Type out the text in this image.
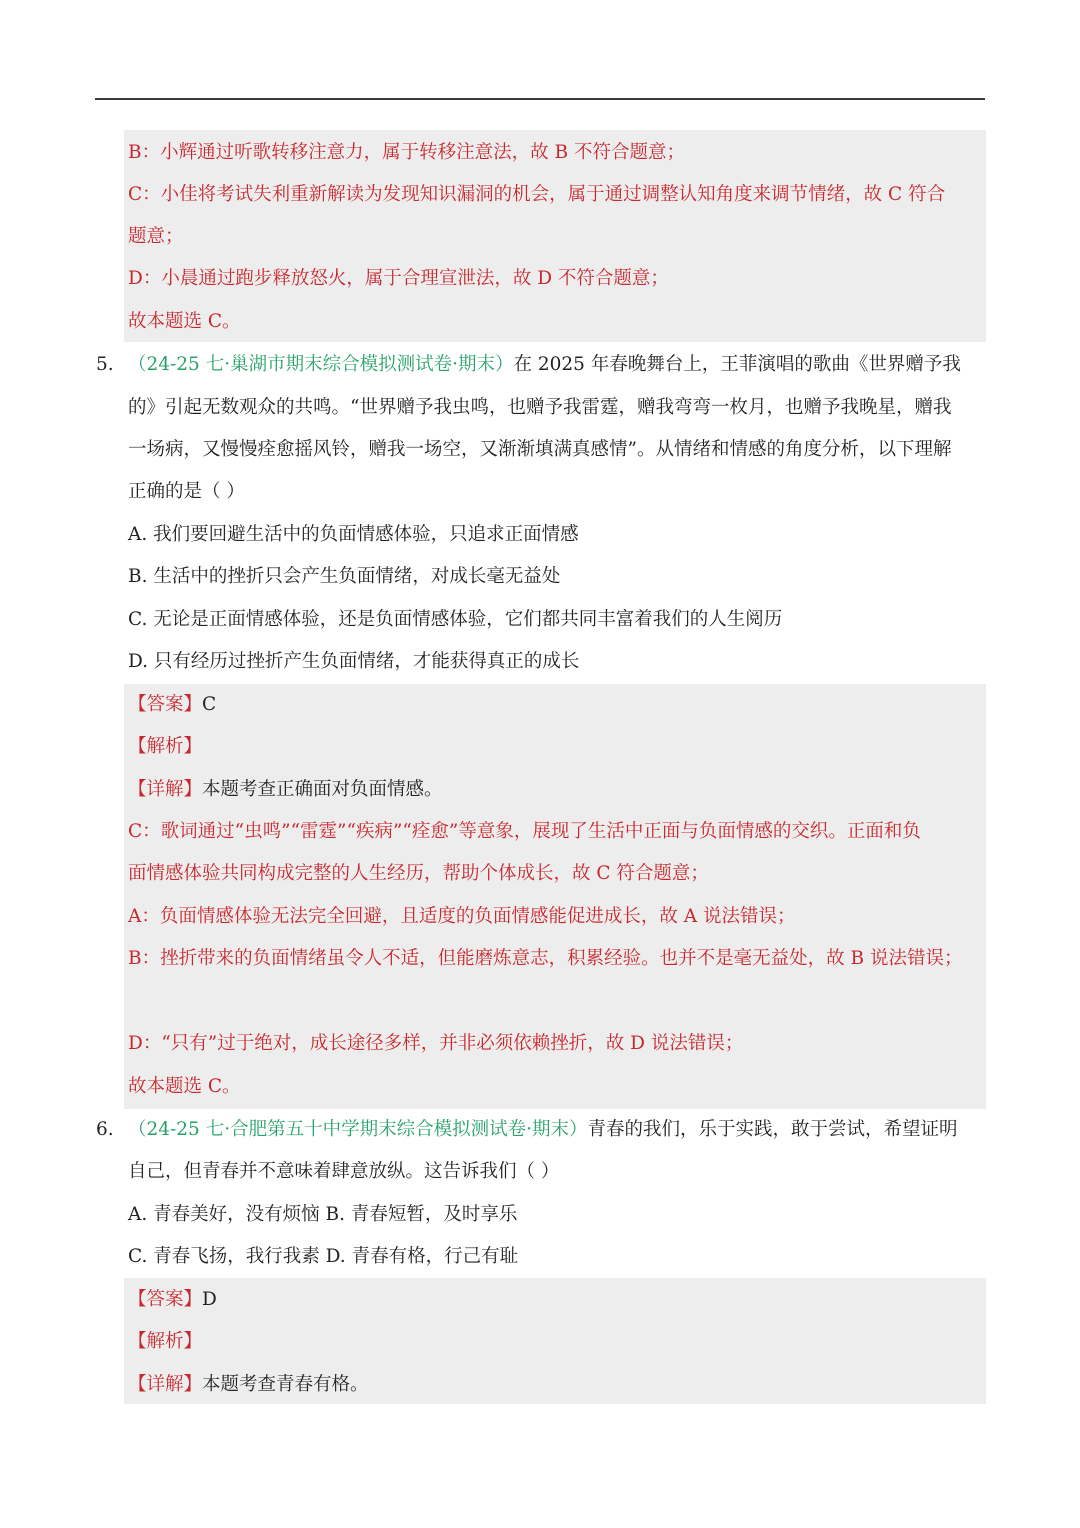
B：小辉通过听歌转移注意力，属于转移注意法，故 B 不符合题意；
C：小佳将考试失利重新解读为发现知识漏洞的机会，属于通过调整认知角度来调节情绪，故 C 符合
题意；
D：小晨通过跑步释放怒火，属于合理宣泄法，故 D 不符合题意；
故本题选 C。
5. （24-25 七·巢湖市期末综合模拟测试卷·期末）在 2025 年春晚舞台上，王菲演唱的歌曲《世界赠予我
的》引起无数观众的共鸣。“世界赠予我虫鸣，也赠予我雷霆，赠我弯弯一枚月，也赠予我晚星，赠我
一场病，又慢慢痊愈摇风铃，赠我一场空，又渐渐填满真感情”。从情绪和情感的角度分析，以下理解
正确的是（ ）
A. 我们要回避生活中的负面情感体验，只追求正面情感
B. 生活中的挫折只会产生负面情绪，对成长毫无益处
C. 无论是正面情感体验，还是负面情感体验，它们都共同丰富着我们的人生阅历
D. 只有经历过挫折产生负面情绪，才能获得真正的成长
【答案】C
【解析】
【详解】本题考查正确面对负面情感。
C：歌词通过“虫鸣”“雷霆”“疾病”“痊愈”等意象，展现了生活中正面与负面情感的交织。正面和负
面情感体验共同构成完整的人生经历，帮助个体成长，故 C 符合题意；
A：负面情感体验无法完全回避，且适度的负面情感能促进成长，故 A 说法错误；
B：挫折带来的负面情绪虽令人不适，但能磨炼意志，积累经验。也并不是毫无益处，故 B 说法错误；
D：“只有”过于绝对，成长途径多样，并非必须依赖挫折，故 D 说法错误；
故本题选 C。
6. （24-25 七·合肥第五十中学期末综合模拟测试卷·期末）青春的我们，乐于实践，敢于尝试，希望证明
自己，但青春并不意味着肆意放纵。这告诉我们（ ）
A. 青春美好，没有烦恼 B. 青春短暂，及时享乐
C. 青春飞扬，我行我素 D. 青春有格，行己有耻
【答案】D
【解析】
【详解】本题考查青春有格。
